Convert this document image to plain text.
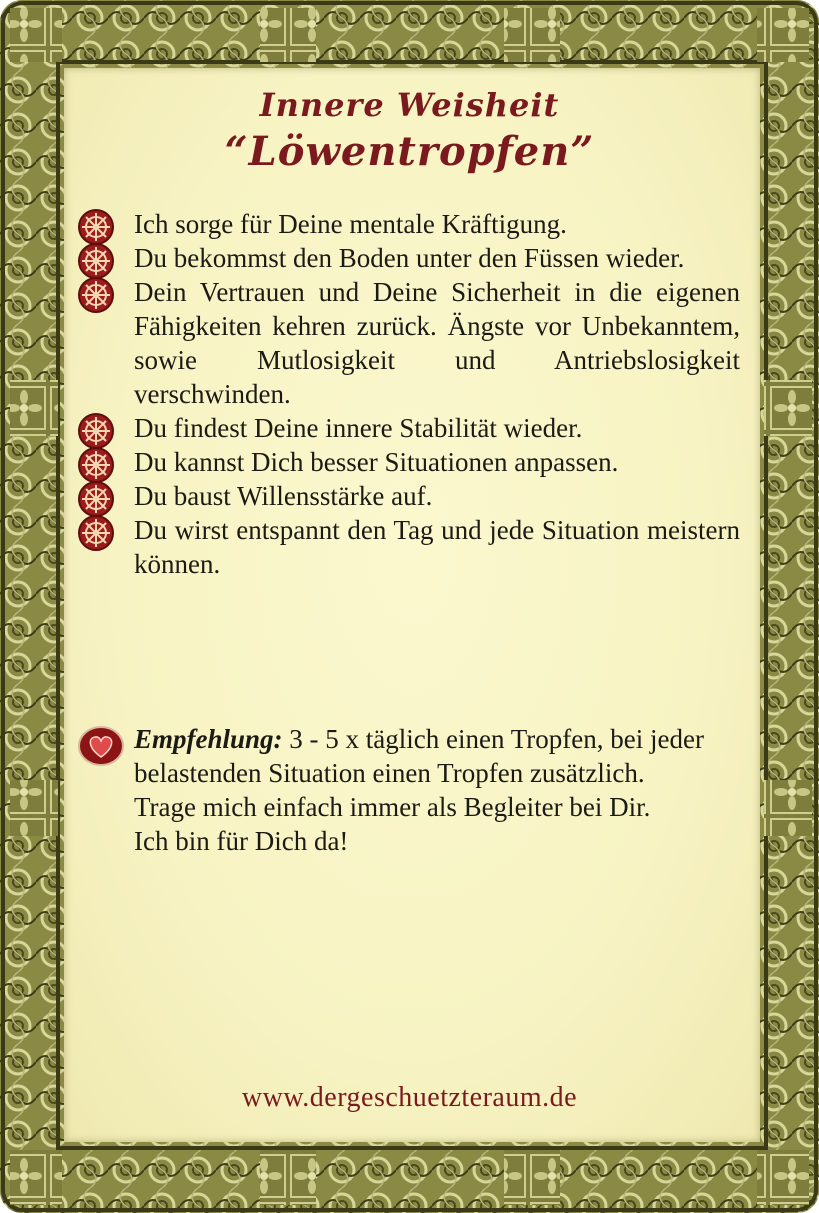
Innere Weisheit
“Löwentropfen”
Ich sorge für Deine mentale Kräftigung.
Du bekommst den Boden unter den Füssen wieder.
Dein Vertrauen und Deine Sicherheit in die eigenen Fähigkeiten kehren zurück. Ängste vor Unbekanntem, sowie Mutlosigkeit und Antriebslosigkeit verschwinden.
Du findest Deine innere Stabilität wieder.
Du kannst Dich besser Situationen anpassen.
Du baust Willensstärke auf.
Du wirst entspannt den Tag und jede Situation meistern können.

Empfehlung: 3 - 5 x täglich einen Tropfen, bei jeder belastenden Situation einen Tropfen zusätzlich.

Trage mich einfach immer als Begleiter bei Dir.

Ich bin für Dich da!

www.dergeschuetzteraum.de
